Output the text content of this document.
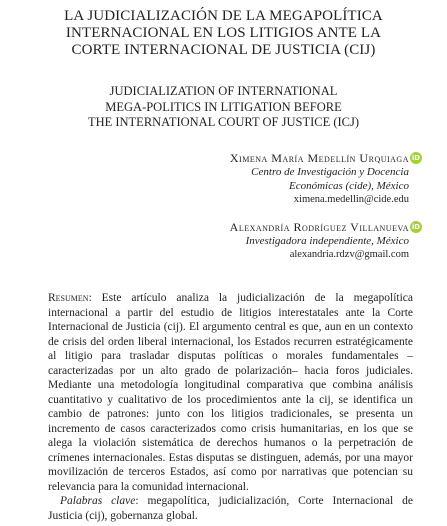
LA JUDICIALIZACIÓN DE LA MEGAPOLÍTICA
INTERNACIONAL EN LOS LITIGIOS ANTE LA
CORTE INTERNACIONAL DE JUSTICIA (CIJ)
JUDICIALIZATION OF INTERNATIONAL
MEGA-POLITICS IN LITIGATION BEFORE
THE INTERNATIONAL COURT OF JUSTICE (ICJ)
Ximena María Medellín Urquiaga
Centro de Investigación y Docencia
Económicas (cide), México
ximena.medellin@cide.edu
iD
Alexandría Rodríguez Villanueva
Investigadora independiente, México
alexandria.rdzv@gmail.com
iD

Resumen: Este artículo analiza la judicialización de la megapolítica internacional a partir del estudio de litigios interestatales ante la Corte Internacional de Justicia (cij). El argumento central es que, aun en un contexto de crisis del orden liberal internacional, los Estados recurren estratégicamente al litigio para trasladar disputas políticas o morales fundamentales –caracterizadas por un alto grado de polarización– hacia foros judiciales. Mediante una metodología longitudinal comparativa que combina análisis cuantitativo y cualitativo de los procedimientos ante la cij, se identifica un cambio de patrones: junto con los litigios tradicionales, se presenta un incremento de casos caracterizados como crisis humanitarias, en los que se alega la violación sistemática de derechos humanos o la perpetración de crímenes internacionales. Estas disputas se distinguen, además, por una mayor movilización de terceros Estados, así como por narrativas que potencian su relevancia para la comunidad internacional.

Palabras clave: megapolítica, judicialización, Corte Internacional de Justicia (cij), gobernanza global.
